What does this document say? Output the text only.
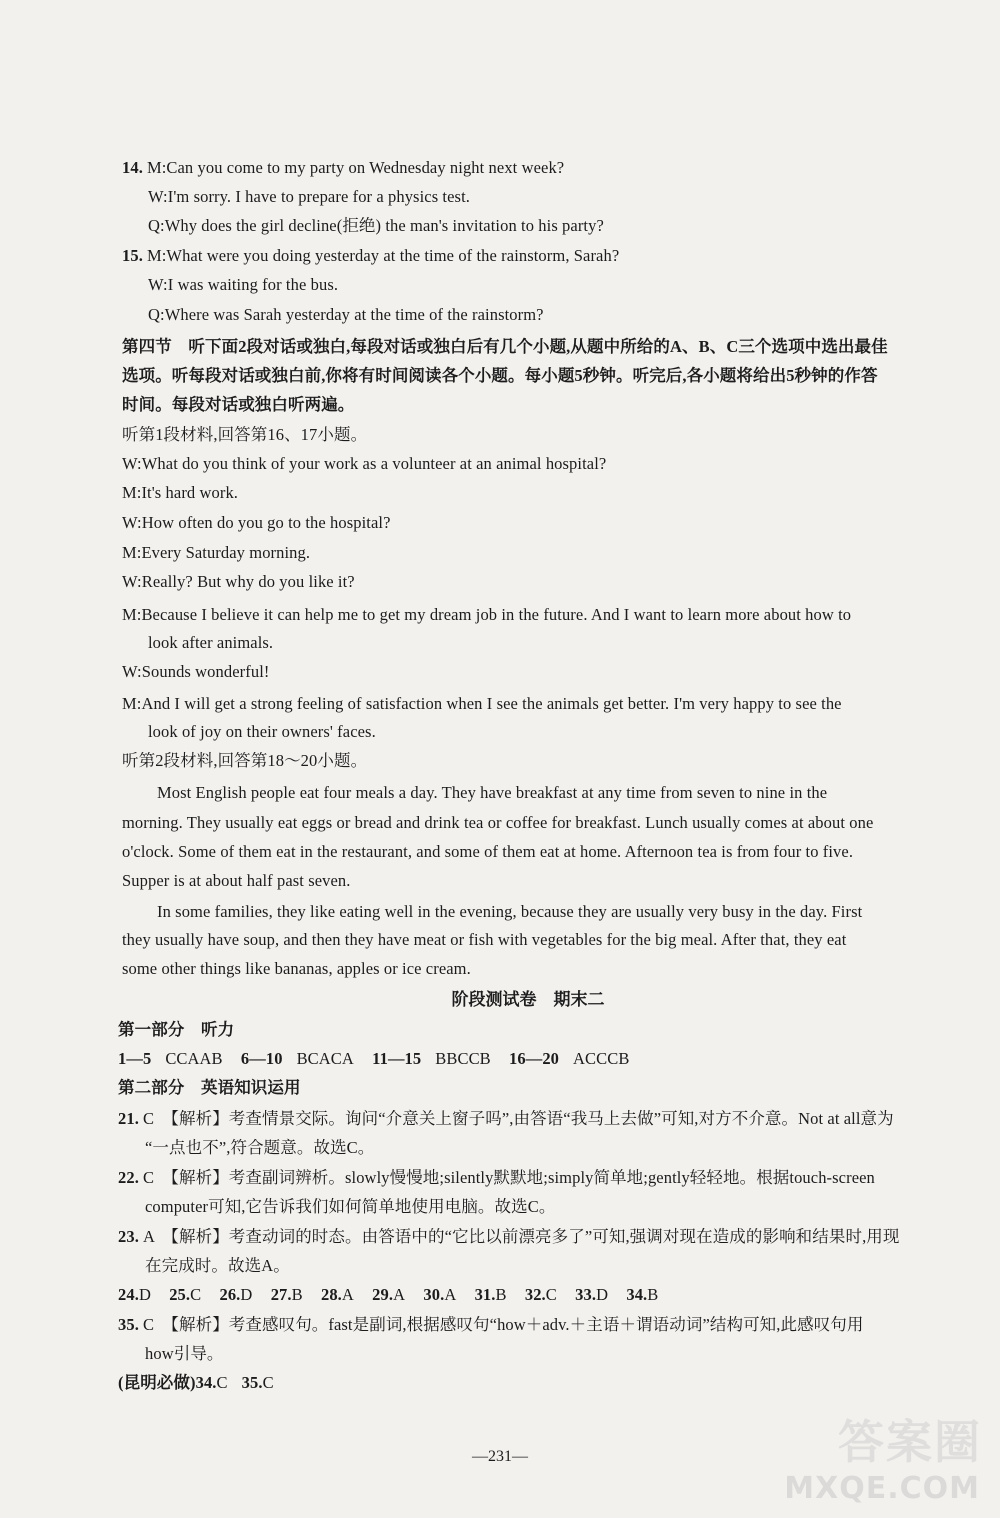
14. M:Can you come to my party on Wednesday night next week?
W:I'm sorry. I have to prepare for a physics test.
Q:Why does the girl decline(拒绝) the man's invitation to his party?
15. M:What were you doing yesterday at the time of the rainstorm, Sarah?
W:I was waiting for the bus.
Q:Where was Sarah yesterday at the time of the rainstorm?
第四节　听下面2段对话或独白,每段对话或独白后有几个小题,从题中所给的A、B、C三个选项中选出最佳
选项。听每段对话或独白前,你将有时间阅读各个小题。每小题5秒钟。听完后,各小题将给出5秒钟的作答
时间。每段对话或独白听两遍。
听第1段材料,回答第16、17小题。
W:What do you think of your work as a volunteer at an animal hospital?
M:It's hard work.
W:How often do you go to the hospital?
M:Every Saturday morning.
W:Really? But why do you like it?
M:Because I believe it can help me to get my dream job in the future. And I want to learn more about how to
look after animals.
W:Sounds wonderful!
M:And I will get a strong feeling of satisfaction when I see the animals get better. I'm very happy to see the
look of joy on their owners' faces.
听第2段材料,回答第18～20小题。
Most English people eat four meals a day. They have breakfast at any time from seven to nine in the
morning. They usually eat eggs or bread and drink tea or coffee for breakfast. Lunch usually comes at about one
o'clock. Some of them eat in the restaurant, and some of them eat at home. Afternoon tea is from four to five.
Supper is at about half past seven.
In some families, they like eating well in the evening, because they are usually very busy in the day. First
they usually have soup, and then they have meat or fish with vegetables for the big meal. After that, they eat
some other things like bananas, apples or ice cream.
阶段测试卷　期末二
第一部分　听力
1—5 CCAAB 6—10 BCACA 11—15 BBCCB 16—20 ACCCB
第二部分　英语知识运用
21. C　【解析】考查情景交际。询问“介意关上窗子吗”,由答语“我马上去做”可知,对方不介意。Not at all意为
“一点也不”,符合题意。故选C。
22. C　【解析】考查副词辨析。slowly慢慢地;silently默默地;simply简单地;gently轻轻地。根据touch-screen
computer可知,它告诉我们如何简单地使用电脑。故选C。
23. A　【解析】考查动词的时态。由答语中的“它比以前漂亮多了”可知,强调对现在造成的影响和结果时,用现
在完成时。故选A。
24.D 25.C 26.D 27.B 28.A 29.A 30.A 31.B 32.C 33.D 34.B
35. C　【解析】考查感叹句。fast是副词,根据感叹句“how＋adv.＋主语＋谓语动词”结构可知,此感叹句用
how引导。
(昆明必做)34.C 35.C
—231—	答案圈
MXQE.COM
